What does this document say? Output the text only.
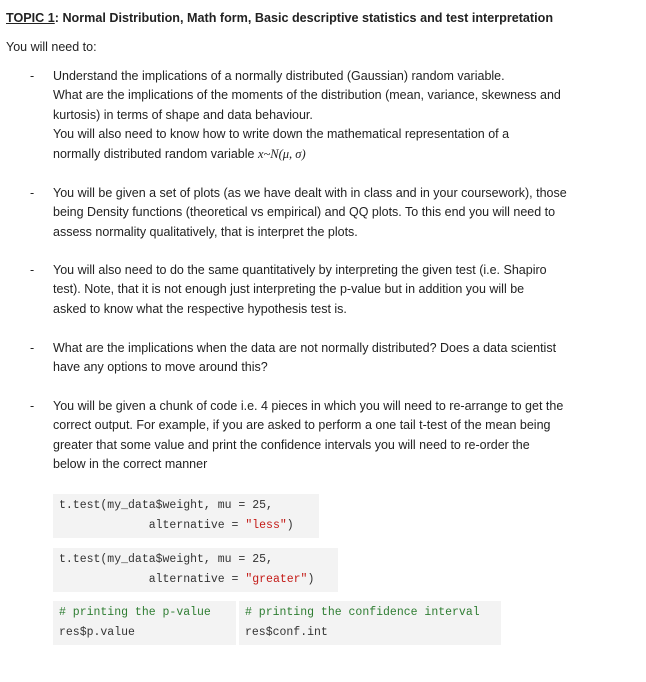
TOPIC 1: Normal Distribution, Math form, Basic descriptive statistics and test interpretation
You will need to:
- Understand the implications of a normally distributed (Gaussian) random variable.

What are the implications of the moments of the distribution (mean, variance, skewness and

kurtosis) in terms of shape and data behaviour.

You will also need to know how to write down the mathematical representation of a

normally distributed random variable x~N(μ, σ)

- You will be given a set of plots (as we have dealt with in class and in your coursework), those

being Density functions (theoretical vs empirical) and QQ plots. To this end you will need to

assess normality qualitatively, that is interpret the plots.

- You will also need to do the same quantitatively by interpreting the given test (i.e. Shapiro

test). Note, that it is not enough just interpreting the p-value but in addition you will be

asked to know what the respective hypothesis test is.

- What are the implications when the data are not normally distributed? Does a data scientist

have any options to move around this?

- You will be given a chunk of code i.e. 4 pieces in which you will need to re-arrange to get the

correct output. For example, if you are asked to perform a one tail t-test of the mean being

greater that some value and print the confidence intervals you will need to re-order the

below in the correct manner

t.test(my_data$weight, mu = 25,
alternative = "less")
t.test(my_data$weight, mu = 25,
alternative = "greater")
# printing the p-value
res$p.value
# printing the confidence interval
res$conf.int
